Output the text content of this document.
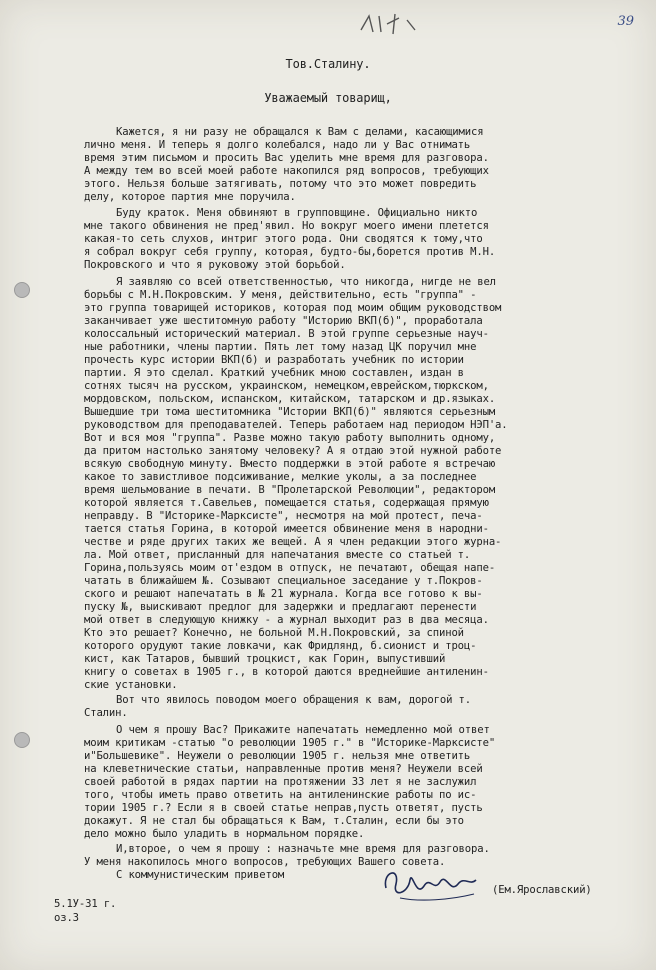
39
Тов.Сталину.
Уважаемый товарищ,
Кажется, я ни разу не обращался к Вам с делами, касающимися
лично меня. И теперь я долго колебался, надо ли у Вас отнимать
время этим письмом и просить Вас уделить мне время для разговора.
А между тем во всей моей работе накопился ряд вопросов, требующих
этого. Нельзя больше затягивать, потому что это может повредить
делу, которое партия мне поручила.
Буду краток. Меня обвиняют в групповщине. Официально никто
мне такого обвинения не пред'явил. Но вокруг моего имени плетется
какая-то сеть слухов, интриг этого рода. Они сводятся к тому,что
я собрал вокруг себя группу, которая, будто-бы,борется против М.Н.
Покровского и что я руковожу этой борьбой.
Я заявляю со всей ответственностью, что никогда, нигде не вел
борьбы с М.Н.Покровским. У меня, действительно, есть "группа" -
это группа товарищей историков, которая под моим общим руководством
заканчивает уже шеститомную работу "Историю ВКП(б)", проработала
колоссальный исторический материал. В этой группе серьезные науч-
ные работники, члены партии. Пять лет тому назад ЦК поручил мне
прочесть курс истории ВКП(б) и разработать учебник по истории
партии. Я это сделал. Краткий учебник мною составлен, издан в
сотнях тысяч на русском, украинском, немецком,еврейском,тюркском,
мордовском, польском, испанском, китайском, татарском и др.языках.
Вышедшие три тома шеститомника "Истории ВКП(б)" являются серьезным
руководством для преподавателей. Теперь работаем над периодом НЭП'а.
Вот и вся моя "группа". Разве можно такую работу выполнить одному,
да притом настолько занятому человеку? А я отдаю этой нужной работе
всякую свободную минуту. Вместо поддержки в этой работе я встречаю
какое то завистливое подсиживание, мелкие уколы, а за последнее
время шельмование в печати. В "Пролетарской Революции", редактором
которой является т.Савельев, помещается статья, содержащая прямую
неправду. В "Историке-Марксисте", несмотря на мой протест, печа-
тается статья Горина, в которой имеется обвинение меня в народни-
честве и ряде других таких же вещей. А я член редакции этого журна-
ла. Мой ответ, присланный для напечатания вместе со статьей т.
Горина,пользуясь моим от'ездом в отпуск, не печатают, обещая напе-
чатать в ближайшем №. Созывают специальное заседание у т.Покров-
ского и решают напечатать в № 21 журнала. Когда все готово к вы-
пуску №, выискивают предлог для задержки и предлагают перенести
мой ответ в следующую книжку - а журнал выходит раз в два месяца.
Кто это решает? Конечно, не больной М.Н.Покровский, за спиной
которого орудуют такие ловкачи, как Фридлянд, б.сионист и троц-
кист, как Татаров, бывший троцкист, как Горин, выпустивший
книгу о советах в 1905 г., в которой даются вреднейшие антиленин-
ские установки.
Вот что явилось поводом моего обращения к вам, дорогой т.
Сталин.
О чем я прошу Вас? Прикажите напечатать немедленно мой ответ
моим критикам -статью "о революции 1905 г." в "Историке-Марксисте"
и"Большевике". Неужели о революции 1905 г. нельзя мне ответить
на клеветнические статьи, направленные против меня? Неужели всей
своей работой в рядах партии на протяжении 33 лет я не заслужил
того, чтобы иметь право ответить на антиленинские работы по ис-
тории 1905 г.? Если я в своей статье неправ,пусть ответят, пусть
докажут. Я не стал бы обращаться к Вам, т.Сталин, если бы это
дело можно было уладить в нормальном порядке.
И,второе, о чем я прошу : назначьте мне время для разговора.
У меня накопилось много вопросов, требующих Вашего совета.
С коммунистическим приветом
(Ем.Ярославский)
5.1У-31 г.
оз.3
